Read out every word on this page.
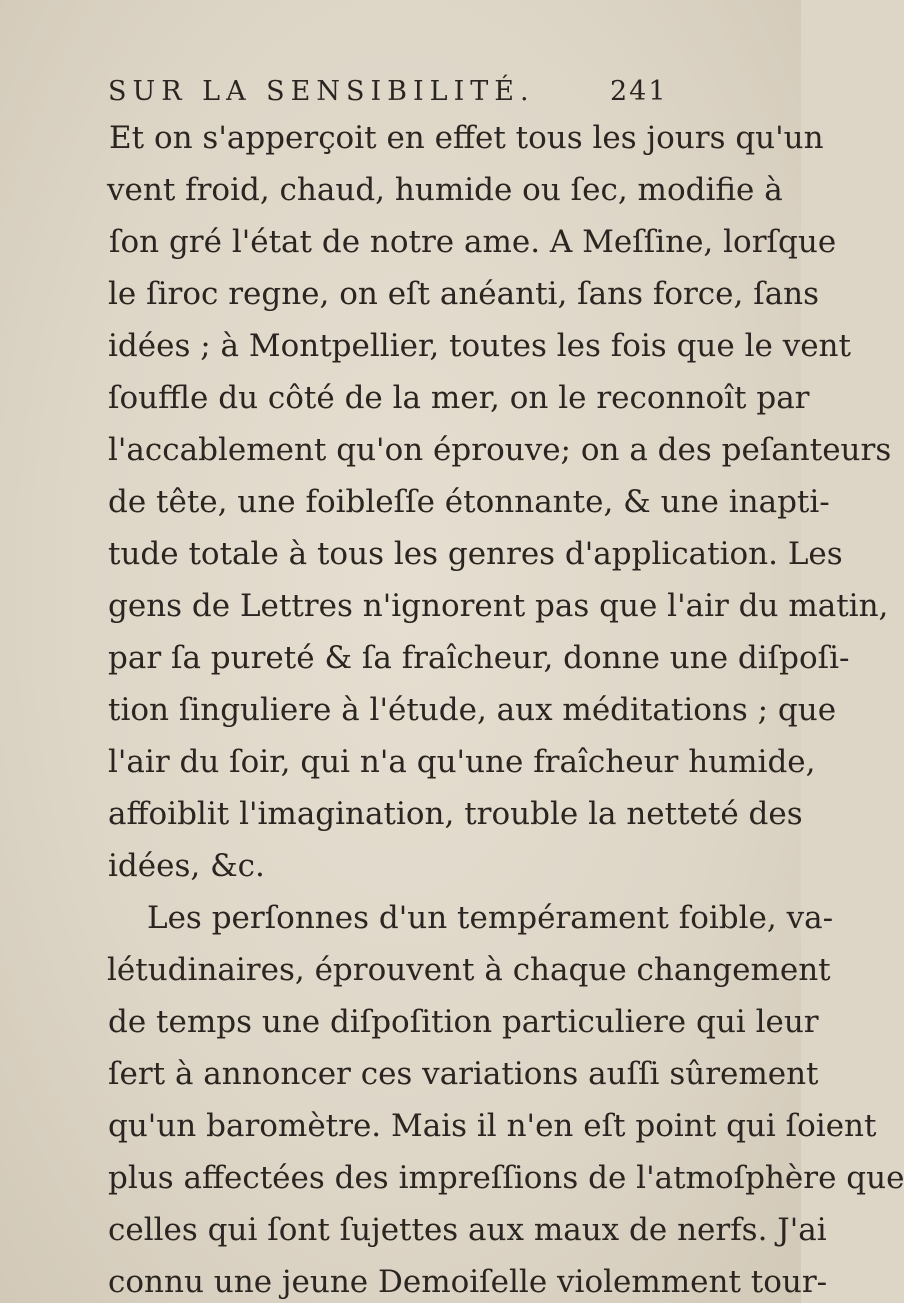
SUR LA SENSIBILITÉ.	241
Et on s'apperçoit en effet tous les jours qu'un
vent froid, chaud, humide ou ſec, modifie à
ſon gré l'état de notre ame. A Meſſine, lorſque
le ſiroc regne, on eſt anéanti, ſans force, ſans
idées ; à Montpellier, toutes les fois que le vent
ſouffle du côté de la mer, on le reconnoît par
l'accablement qu'on éprouve; on a des peſanteurs
de tête, une foibleſſe étonnante, & une inapti-
tude totale à tous les genres d'application. Les
gens de Lettres n'ignorent pas que l'air du matin,
par ſa pureté & ſa fraîcheur, donne une diſpoſi-
tion ſinguliere à l'étude, aux méditations ; que
l'air du ſoir, qui n'a qu'une fraîcheur humide,
affoiblit l'imagination, trouble la netteté des
idées, &c.
Les perſonnes d'un tempérament foible, va-
létudinaires, éprouvent à chaque changement
de temps une diſpoſition particuliere qui leur
ſert à annoncer ces variations auſſi sûrement
qu'un baromètre. Mais il n'en eſt point qui ſoient
plus affectées des impreſſions de l'atmoſphère que
celles qui ſont ſujettes aux maux de nerfs. J'ai
connu une jeune Demoiſelle violemment tour-
